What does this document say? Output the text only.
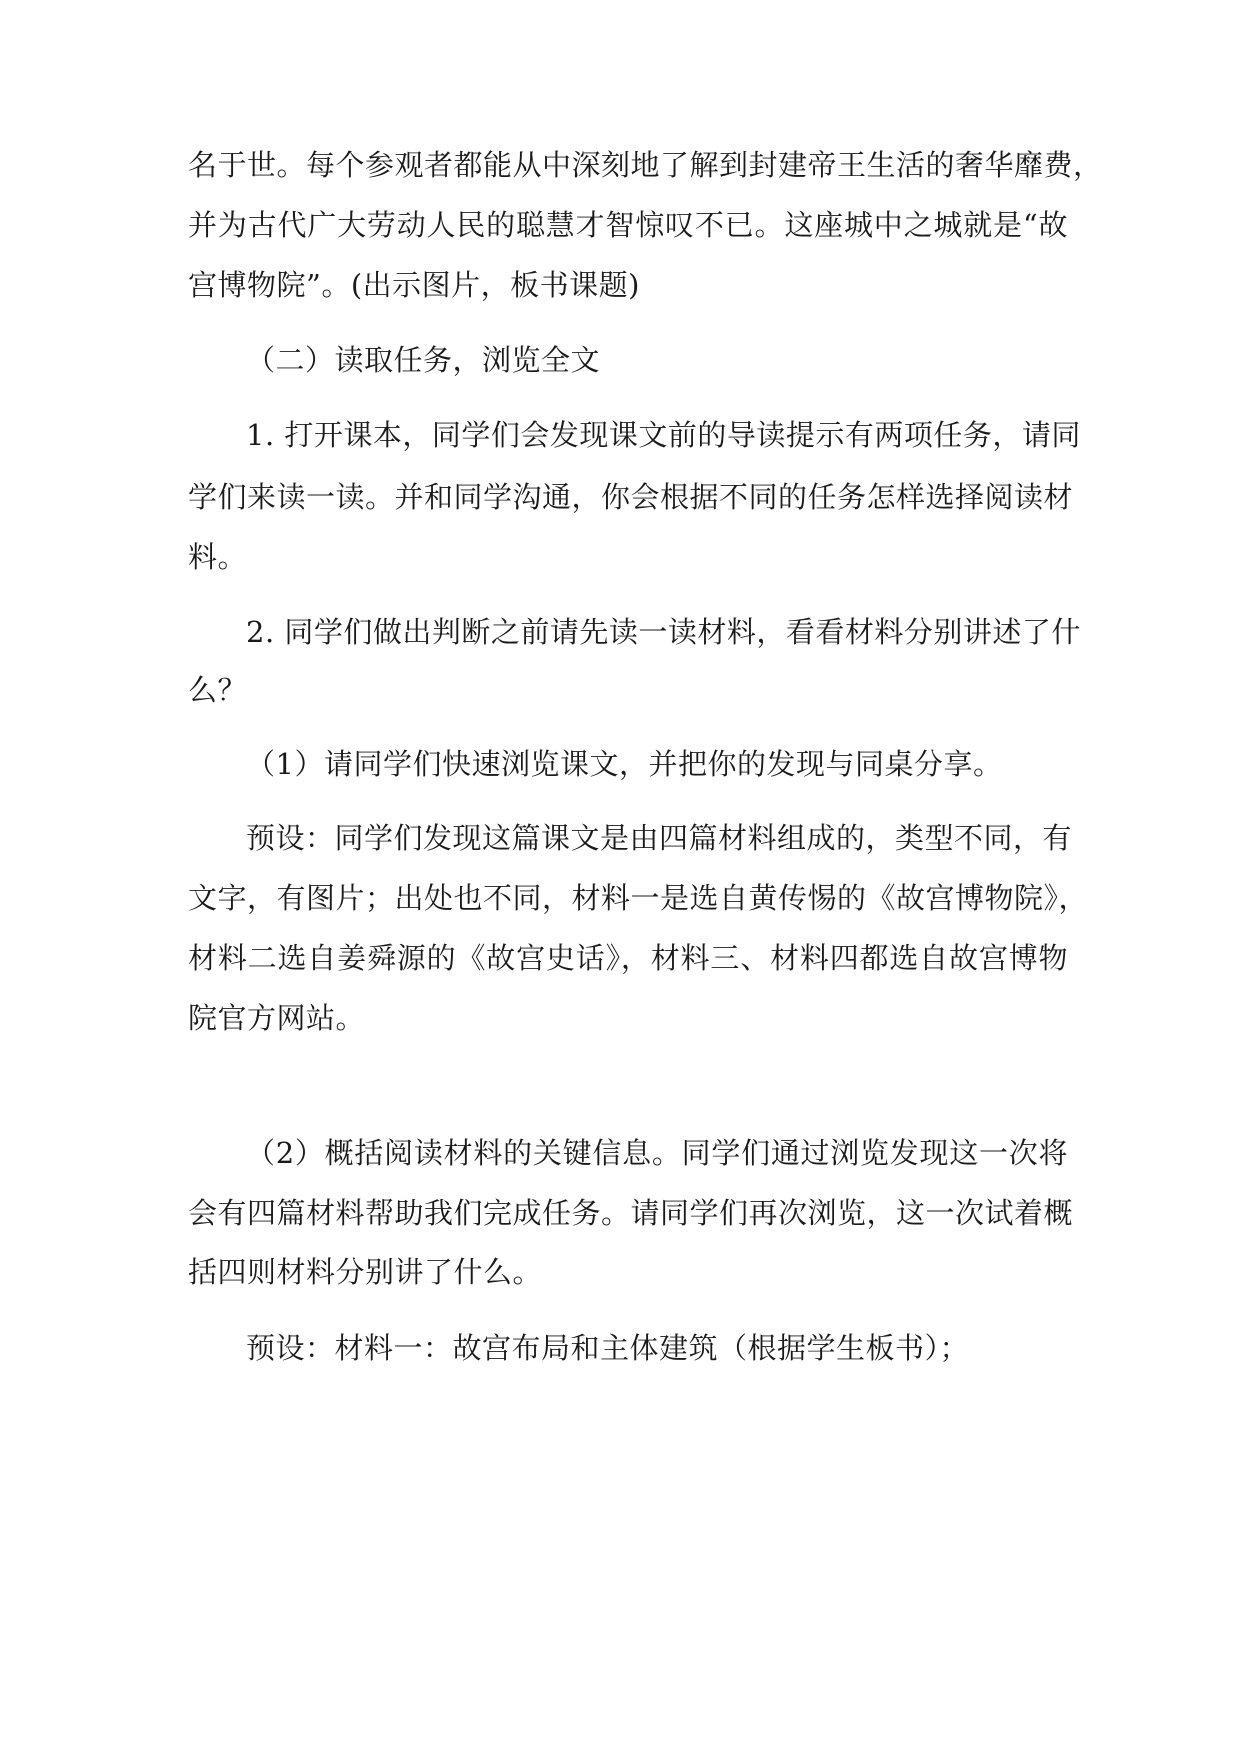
名于世。每个参观者都能从中深刻地了解到封建帝王生活的奢华靡费，
并为古代广大劳动人民的聪慧才智惊叹不已。这座城中之城就是“故
宫博物院”。(出示图片，板书课题)
（二）读取任务，浏览全文
1. 打开课本，同学们会发现课文前的导读提示有两项任务，请同
学们来读一读。并和同学沟通，你会根据不同的任务怎样选择阅读材
料。
2. 同学们做出判断之前请先读一读材料，看看材料分别讲述了什
么？
（1）请同学们快速浏览课文，并把你的发现与同桌分享。
预设：同学们发现这篇课文是由四篇材料组成的，类型不同，有
文字，有图片；出处也不同，材料一是选自黄传惕的《故宫博物院》，
材料二选自姜舜源的《故宫史话》，材料三、材料四都选自故宫博物
院官方网站。
（2）概括阅读材料的关键信息。同学们通过浏览发现这一次将
会有四篇材料帮助我们完成任务。请同学们再次浏览，这一次试着概
括四则材料分别讲了什么。
预设：材料一：故宫布局和主体建筑（根据学生板书）；
